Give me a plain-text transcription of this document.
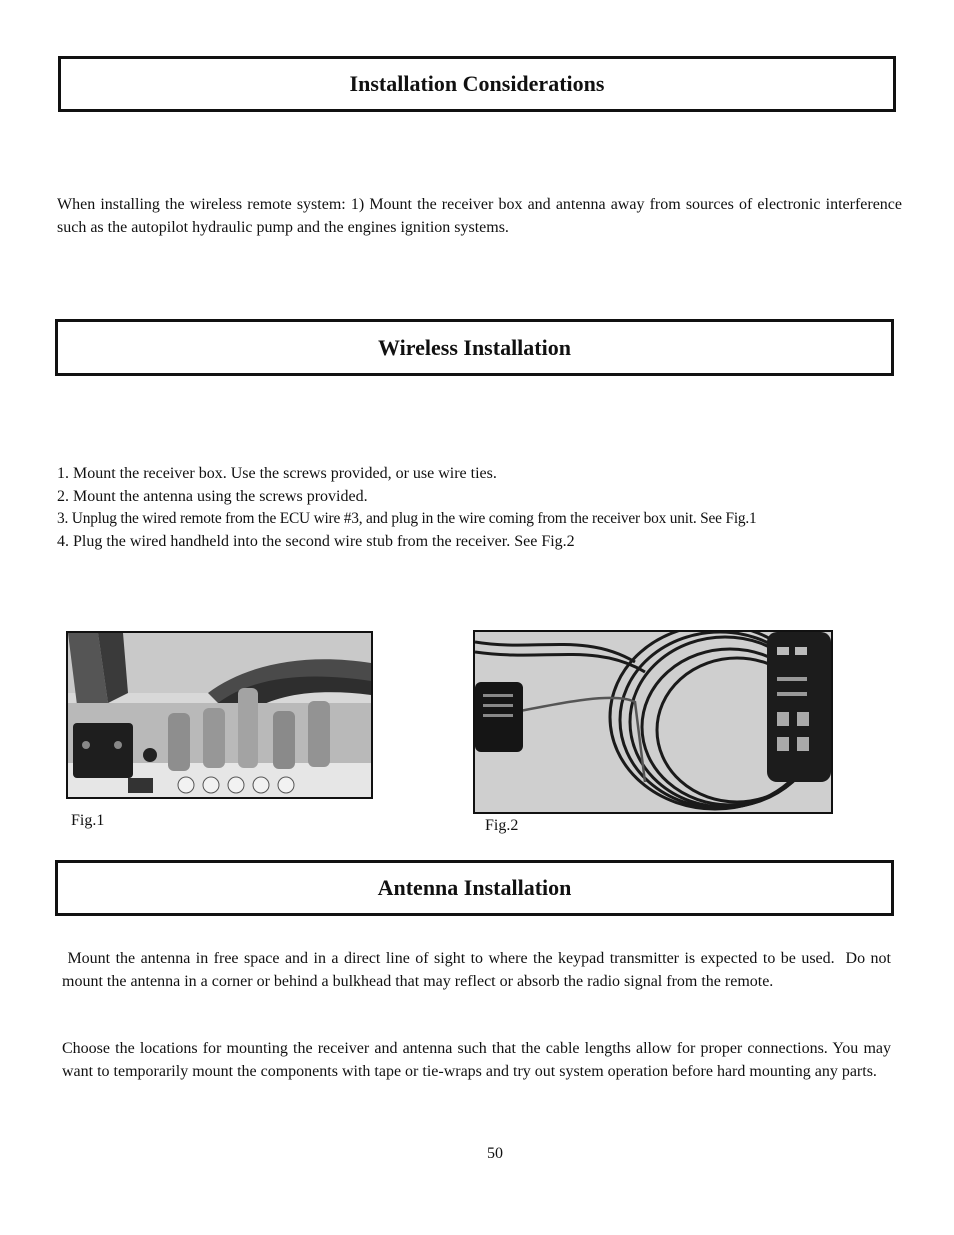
Installation Considerations

When installing the wireless remote system: 1) Mount the receiver box and antenna away from sources of electronic interference such as the autopilot hydraulic pump and the engines ignition systems.

Wireless Installation
1. Mount the receiver box. Use the screws provided, or use wire ties.
2. Mount the antenna using the screws provided.
3. Unplug the wired remote from the ECU wire #3, and plug in the wire coming from the receiver box unit. See Fig.1
4. Plug the wired handheld into the second wire stub from the receiver. See Fig.2
Fig.1	Fig.2
Antenna Installation

Mount the antenna in free space and in a direct line of sight to where the keypad transmitter is expected to be used.  Do not mount the antenna in a corner or behind a bulkhead that may reflect or absorb the radio signal from the remote.

Choose the locations for mounting the receiver and antenna such that the cable lengths allow for proper connections. You may want to temporarily mount the components with tape or tie-wraps and try out system operation before hard mounting any parts.

50
